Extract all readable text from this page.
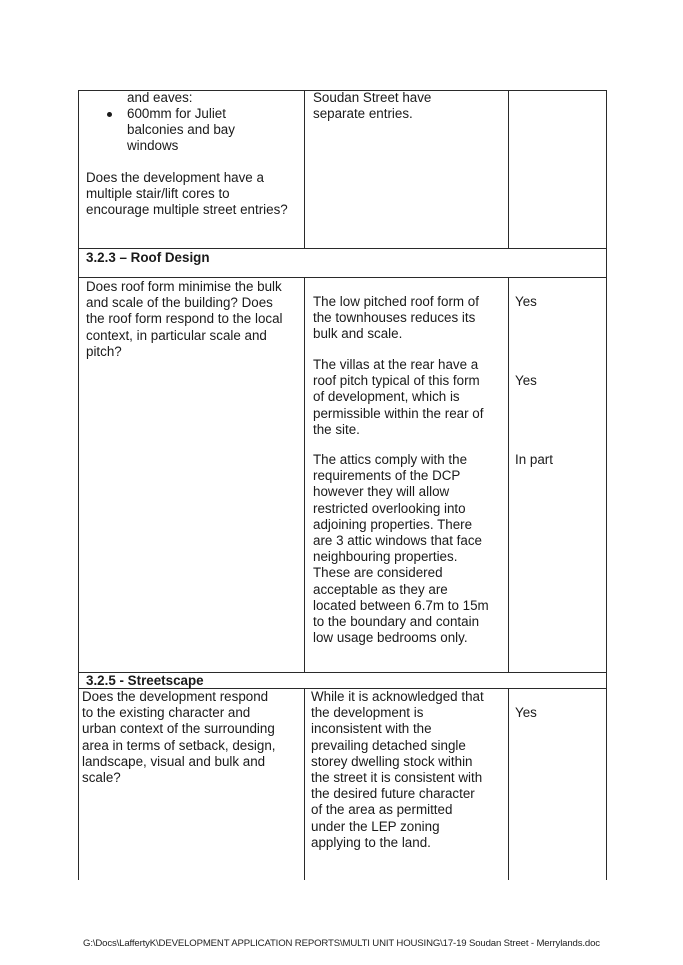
and eaves:
600mm for Juliet balconies and bay windows
Does the development have a multiple stair/lift cores to encourage multiple street entries?
Soudan Street have separate entries.
3.2.3 – Roof Design
Does roof form minimise the bulk and scale of the building? Does the roof form respond to the local context, in particular scale and pitch?
The low pitched roof form of the townhouses reduces its bulk and scale.
Yes
The villas at the rear have a roof pitch typical of this form of development, which is permissible within the rear of the site.
Yes
The attics comply with the requirements of the DCP however they will allow restricted overlooking into adjoining properties. There are 3 attic windows that face neighbouring properties. These are considered acceptable as they are located between 6.7m to 15m to the boundary and contain low usage bedrooms only.
In part
3.2.5 - Streetscape
Does the development respond to the existing character and urban context of the surrounding area in terms of setback, design, landscape, visual and bulk and scale?
While it is acknowledged that the development is inconsistent with the prevailing detached single storey dwelling stock within the street it is consistent with the desired future character of the area as permitted under the LEP zoning applying to the land.
Yes
G:\Docs\LaffertyK\DEVELOPMENT APPLICATION REPORTS\MULTI UNIT HOUSING\17-19 Soudan Street - Merrylands.doc
